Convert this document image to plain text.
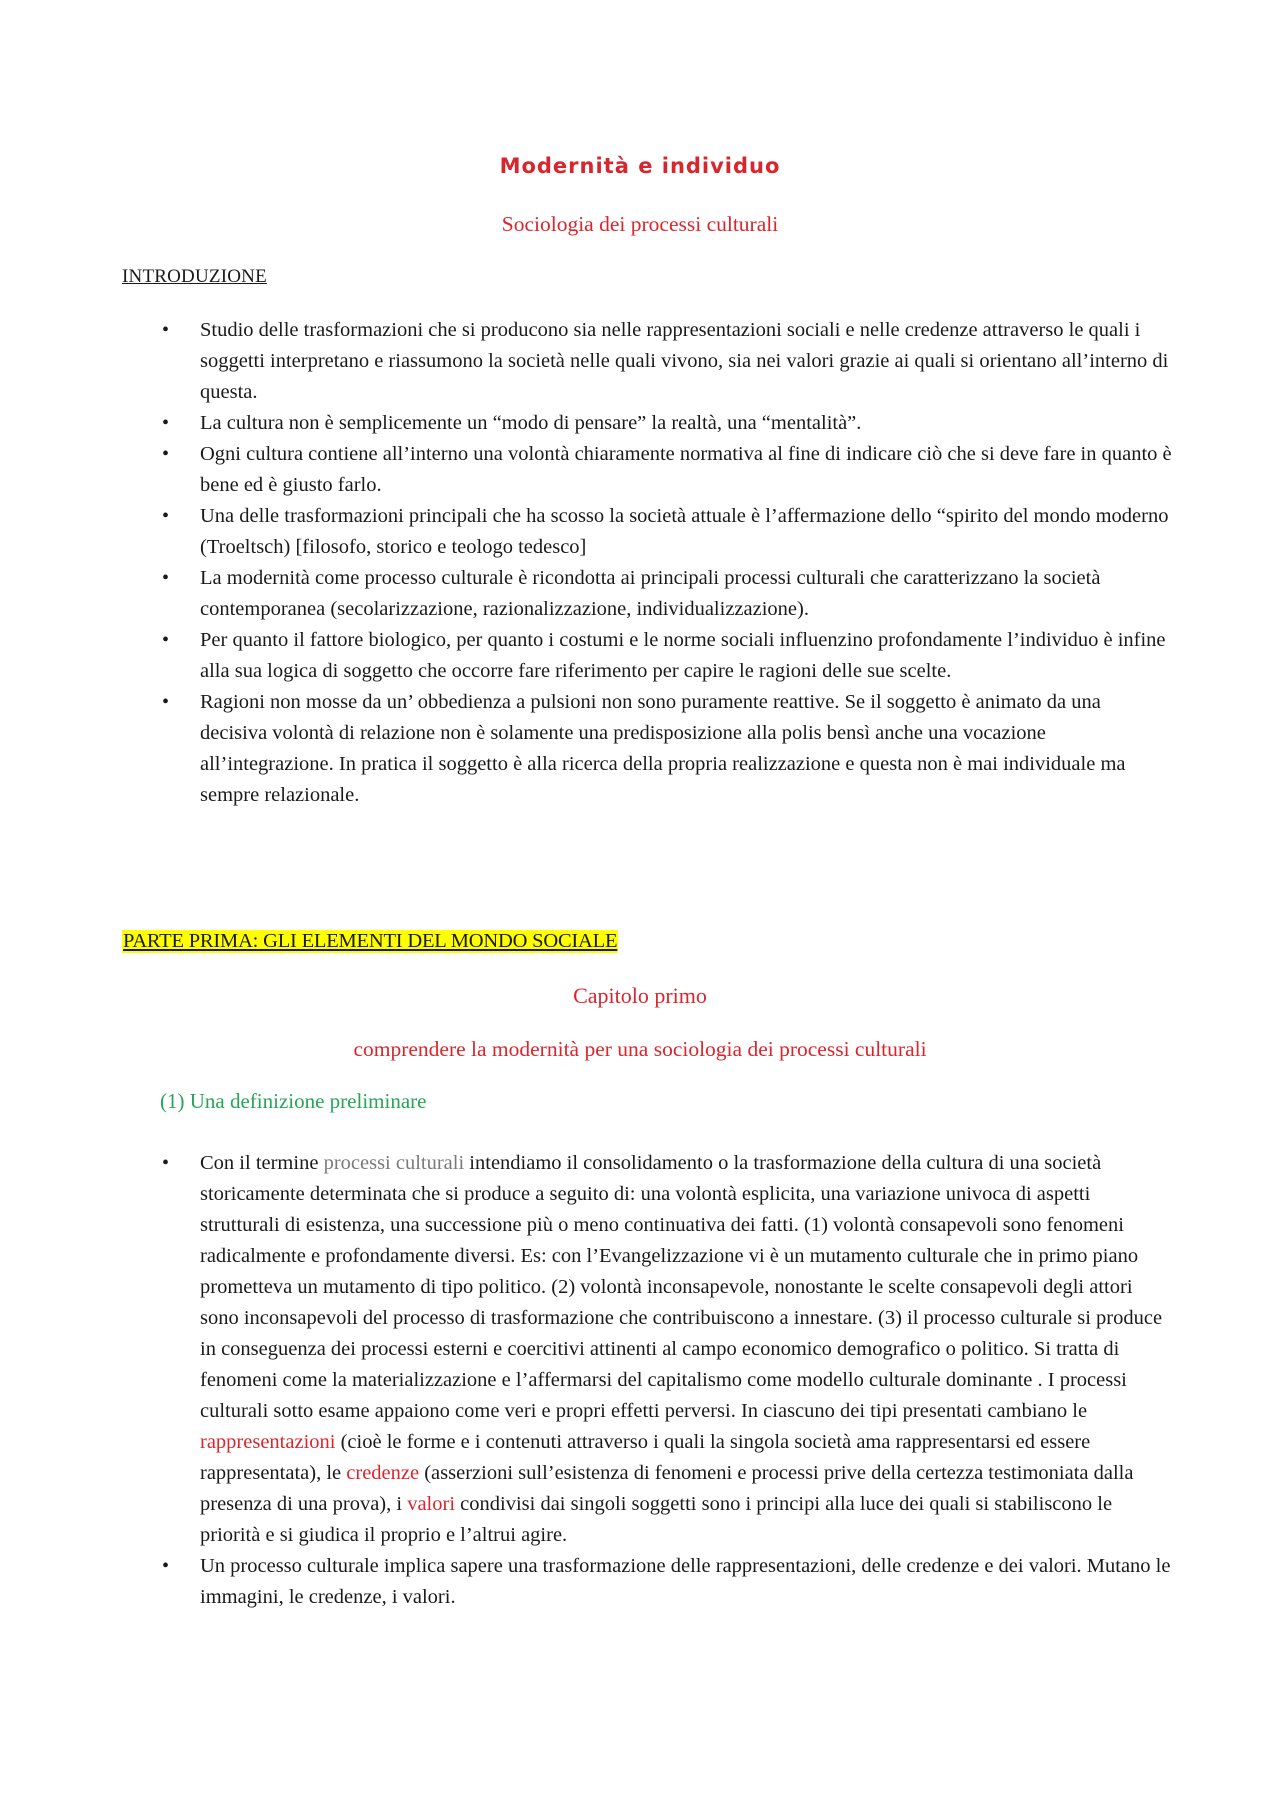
Modernità e individuo
Sociologia dei processi culturali
INTRODUZIONE
• Studio delle trasformazioni che si producono sia nelle rappresentazioni sociali e nelle credenze attraverso le quali i soggetti interpretano e riassumono la società nelle quali vivono, sia nei valori grazie ai quali si orientano all’interno di questa.
• La cultura non è semplicemente un “modo di pensare” la realtà, una “mentalità”.
• Ogni cultura contiene all’interno una volontà chiaramente normativa al fine di indicare ciò che si deve fare in quanto è bene ed è giusto farlo.
• Una delle trasformazioni principali che ha scosso la società attuale è l’affermazione dello “spirito del mondo moderno (Troeltsch) [filosofo, storico e teologo tedesco]
• La modernità come processo culturale è ricondotta ai principali processi culturali che caratterizzano la società contemporanea (secolarizzazione, razionalizzazione, individualizzazione).
• Per quanto il fattore biologico, per quanto i costumi e le norme sociali influenzino profondamente l’individuo è infine alla sua logica di soggetto che occorre fare riferimento per capire le ragioni delle sue scelte.
• Ragioni non mosse da un’ obbedienza a pulsioni non sono puramente reattive. Se il soggetto è animato da una decisiva volontà di relazione non è solamente una predisposizione alla polis bensì anche una vocazione all’integrazione. In pratica il soggetto è alla ricerca della propria realizzazione e questa non è mai individuale ma sempre relazionale.
PARTE PRIMA: GLI ELEMENTI DEL MONDO SOCIALE
Capitolo primo
comprendere la modernità per una sociologia dei processi culturali
(1) Una definizione preliminare
• Con il termine processi culturali intendiamo il consolidamento o la trasformazione della cultura di una società storicamente determinata che si produce a seguito di: una volontà esplicita, una variazione univoca di aspetti strutturali di esistenza, una successione più o meno continuativa dei fatti. (1) volontà consapevoli sono fenomeni radicalmente e profondamente diversi. Es: con l’Evangelizzazione vi è un mutamento culturale che in primo piano prometteva un mutamento di tipo politico. (2) volontà inconsapevole, nonostante le scelte consapevoli degli attori sono inconsapevoli del processo di trasformazione che contribuiscono a innestare. (3) il processo culturale si produce in conseguenza dei processi esterni e coercitivi attinenti al campo economico demografico o politico. Si tratta di fenomeni come la materializzazione e l’affermarsi del capitalismo come modello culturale dominante . I processi culturali sotto esame appaiono come veri e propri effetti perversi. In ciascuno dei tipi presentati cambiano le rappresentazioni (cioè le forme e i contenuti attraverso i quali la singola società ama rappresentarsi ed essere rappresentata), le credenze (asserzioni sull’esistenza di fenomeni e processi prive della certezza testimoniata dalla presenza di una prova), i valori condivisi dai singoli soggetti sono i principi alla luce dei quali si stabiliscono le priorità e si giudica il proprio e l’altrui agire.
• Un processo culturale implica sapere una trasformazione delle rappresentazioni, delle credenze e dei valori. Mutano le immagini, le credenze, i valori.
